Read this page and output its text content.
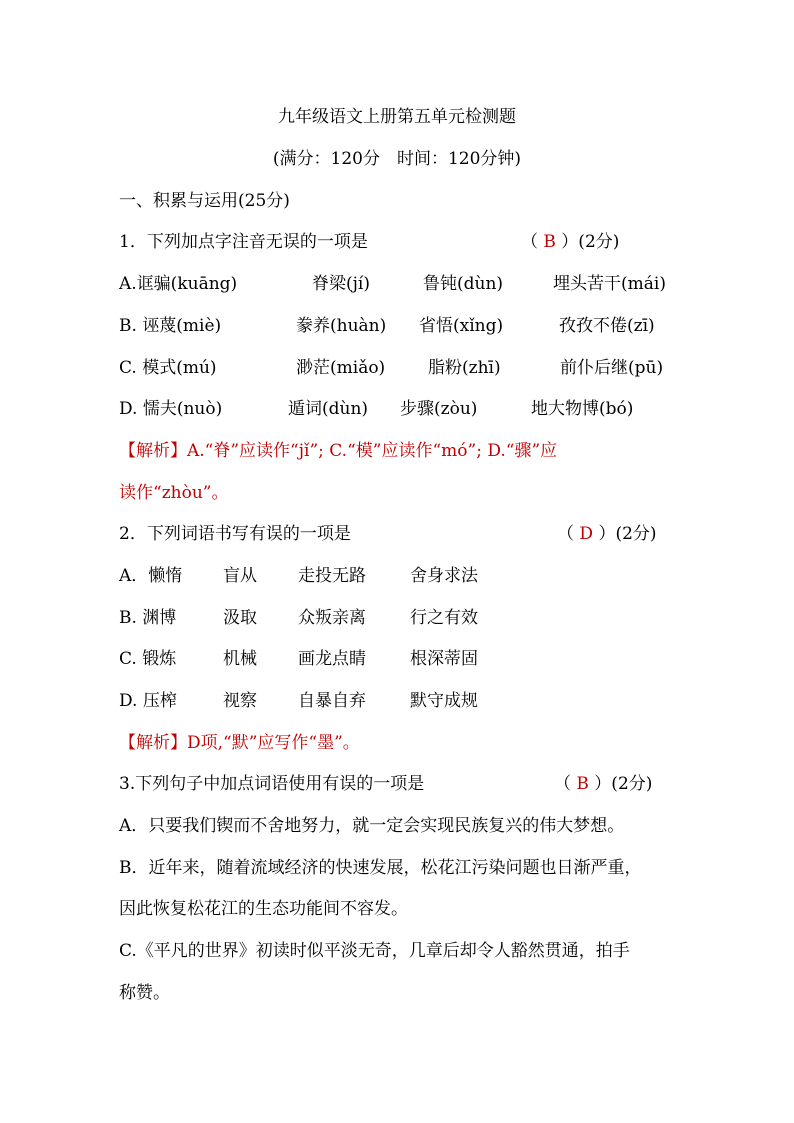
九年级语文上册第五单元检测题
(满分：120分　时间：120分钟)
一、积累与运用(25分)
1．下列加点字注音无误的一项是	（ B ）(2分)
A.诓骗(kuāng)	脊梁(jí)	鲁钝(dùn)	埋头苦干(mái)
B. 诬蔑(miè)	豢养(huàn) 省悟(xǐng)	孜孜不倦(zī)
C. 模式(mú)	渺茫(miǎo)	脂粉(zhī)	前仆后继(pū)
D. 懦夫(nuò)	遁词(dùn) 步骤(zòu)	地大物博(bó)
【解析】A.“脊”应读作“jǐ”; C.“模”应读作“mó”; D.“骤”应
读作“zhòu”。
2．下列词语书写有误的一项是	（ D ）(2分)
A．懒惰 盲从 走投无路	舍身求法
B. 渊博	汲取 众叛亲离	行之有效
C. 锻炼	机械 画龙点睛	根深蒂固
D. 压榨	视察 自暴自弃	默守成规
【解析】D项,“默”应写作“墨”。
3.下列句子中加点词语使用有误的一项是	（ B ）(2分)
A．只要我们锲而不舍地努力，就一定会实现民族复兴的伟大梦想。
B．近年来，随着流域经济的快速发展，松花江污染问题也日渐严重，
因此恢复松花江的生态功能间不容发。
C.《平凡的世界》初读时似平淡无奇，几章后却令人豁然贯通，拍手
称赞。
